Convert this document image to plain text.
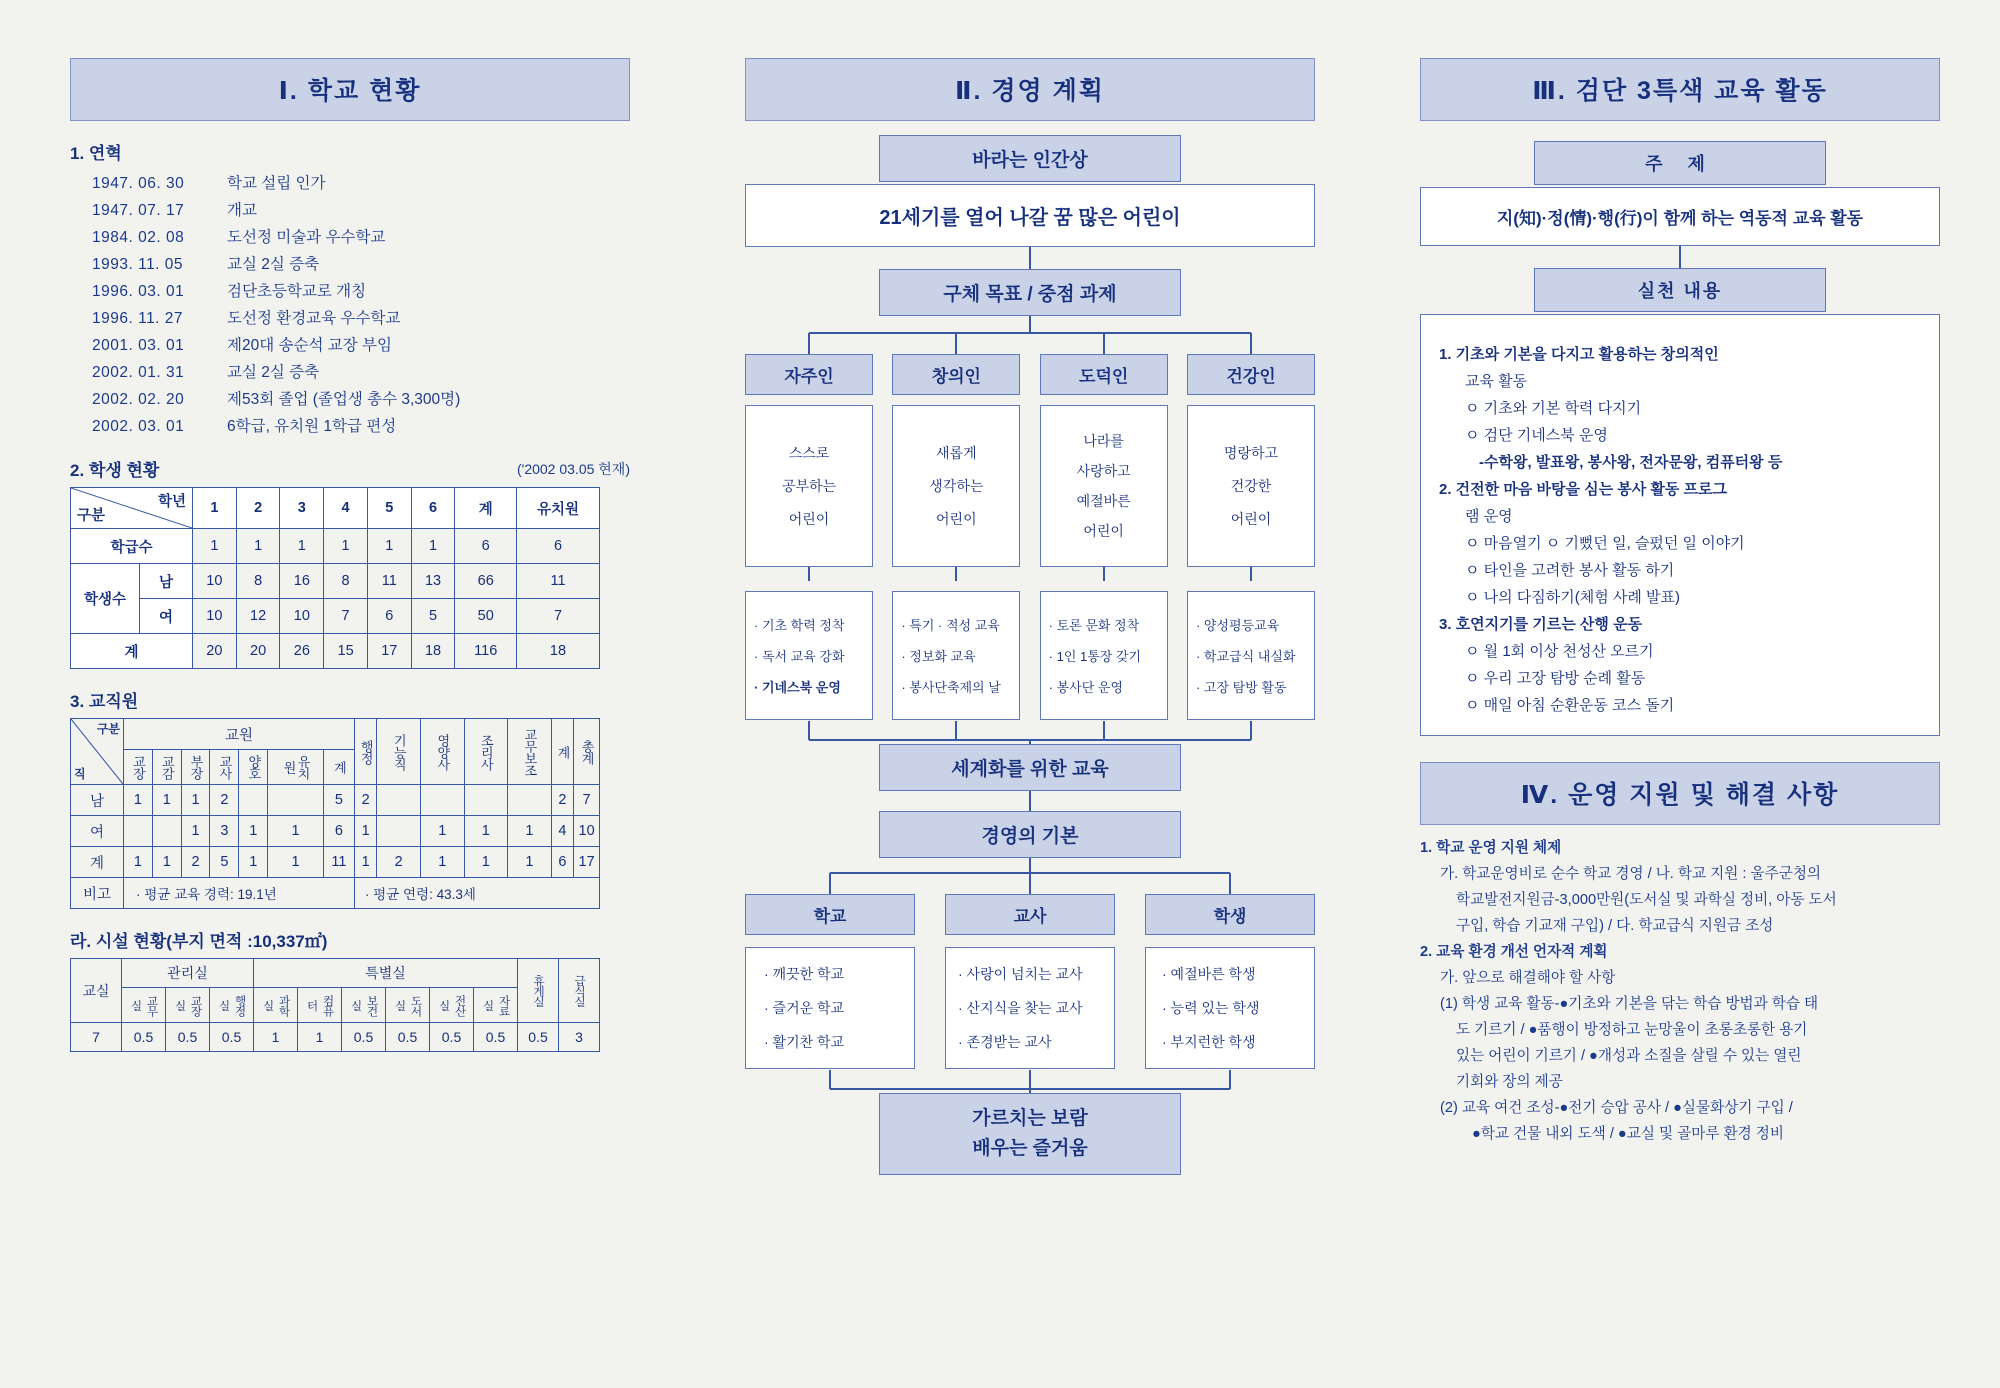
Ⅰ. 학교 현황
1. 연혁
1947. 06. 30	학교 설립 인가
1947. 07. 17	개교
1984. 02. 08	도선정 미술과 우수학교
1993. 11. 05	교실 2실 증축
1996. 03. 01	검단초등학교로 개칭
1996. 11. 27	도선정 환경교육 우수학교
2001. 03. 01	제20대 송순석 교장 부임
2002. 01. 31	교실 2실 증축
2002. 02. 20	제53회 졸업 (졸업생 총수 3,300명)
2002. 03. 01	6학급, 유치원 1학급 편성
2. 학생 현황	('2002 03.05 현재)
구분
학년		1	2	3	4	5	6	계	유치원
학급수		1	1	1	1	1	1	6	6
학생수	남	10	8	16	8	11	13	66	11
	여	10	12	10	7	6	5	50	7
계		20	20	26	15	17	18	116	18
3. 교직원
직
구분	교원							행정	기능직	영양사	조리사	교무보조	계	총계
	교장	교감	부장	교사	양호	유치원	계							
남	1	1	1	2			5	2					2	7
여			1	3	1	1	6	1		1	1	1	4	10
계	1	1	2	5	1	1	11	1	2	1	1	1	6	17
비고	· 평균 교육 경력: 19.1년							· 평균 연령: 43.3세						
라. 시설 현황(부지 면적 :10,337㎡)
교실	관리실			특별실						휴게실	급식실
	교무실	교장실	행정실	과학실	컴퓨터	보건실	도서실	전산실	자료실		
7	0.5	0.5	0.5	1	1	0.5	0.5	0.5	0.5	0.5	3
Ⅱ. 경영 계획
바라는 인간상
21세기를 열어 나갈 꿈 많은 어린이
구체 목표 / 중점 과제
자주인
스스로
공부하는
어린이
· 기초 학력 정착
· 독서 교육 강화
· 기네스북 운영
창의인
새롭게
생각하는
어린이
· 특기 · 적성 교육
· 정보화 교육
· 봉사단축제의 날
도덕인
나라를
사랑하고
예절바른
어린이
· 토론 문화 정착
· 1인 1통장 갖기
· 봉사단 운영
건강인
명랑하고
건강한
어린이
· 양성평등교육
· 학교급식 내실화
· 고장 탐방 활동
세계화를 위한 교육
경영의 기본
학교
· 깨끗한 학교
· 즐거운 학교
· 활기찬 학교
교사
· 사랑이 넘치는 교사
· 산지식을 찾는 교사
· 존경받는 교사
학생
· 예절바른 학생
· 능력 있는 학생
· 부지런한 학생
가르치는 보람
배우는 즐거움
Ⅲ. 검단 3특색 교육 활동
주 제
지(知)·정(情)·행(行)이 함께 하는 역동적 교육 활동
실천 내용
1. 기초와 기본을 다지고 활용하는 창의적인
교육 활동
ㅇ 기초와 기본 학력 다지기
ㅇ 검단 기네스북 운영
-수학왕, 발표왕, 봉사왕, 전자문왕, 컴퓨터왕 등
2. 건전한 마음 바탕을 심는 봉사 활동 프로그
램 운영
ㅇ 마음열기 ㅇ 기뻤던 일, 슬펐던 일 이야기
ㅇ 타인을 고려한 봉사 활동 하기
ㅇ 나의 다짐하기(체험 사례 발표)
3. 호연지기를 기르는 산행 운동
ㅇ 월 1회 이상 천성산 오르기
ㅇ 우리 고장 탐방 순례 활동
ㅇ 매일 아침 순환운동 코스 돌기
Ⅳ. 운영 지원 및 해결 사항
1. 학교 운영 지원 체제
가. 학교운영비로 순수 학교 경영 / 나. 학교 지원 : 울주군청의
학교발전지원금-3,000만원(도서실 및 과학실 정비, 아동 도서
구입, 학습 기교재 구입) / 다. 학교급식 지원금 조성
2. 교육 환경 개선 언자적 계획
가. 앞으로 해결해야 할 사항
(1) 학생 교육 활동-●기초와 기본을 닦는 학습 방법과 학습 태
도 기르기 / ●품행이 방정하고 눈망울이 초롱초롱한 용기
있는 어린이 기르기 / ●개성과 소질을 살릴 수 있는 열린
기회와 장의 제공
(2) 교육 여건 조성-●전기 승압 공사 / ●실물화상기 구입 /
●학교 건물 내외 도색 / ●교실 및 골마루 환경 정비
